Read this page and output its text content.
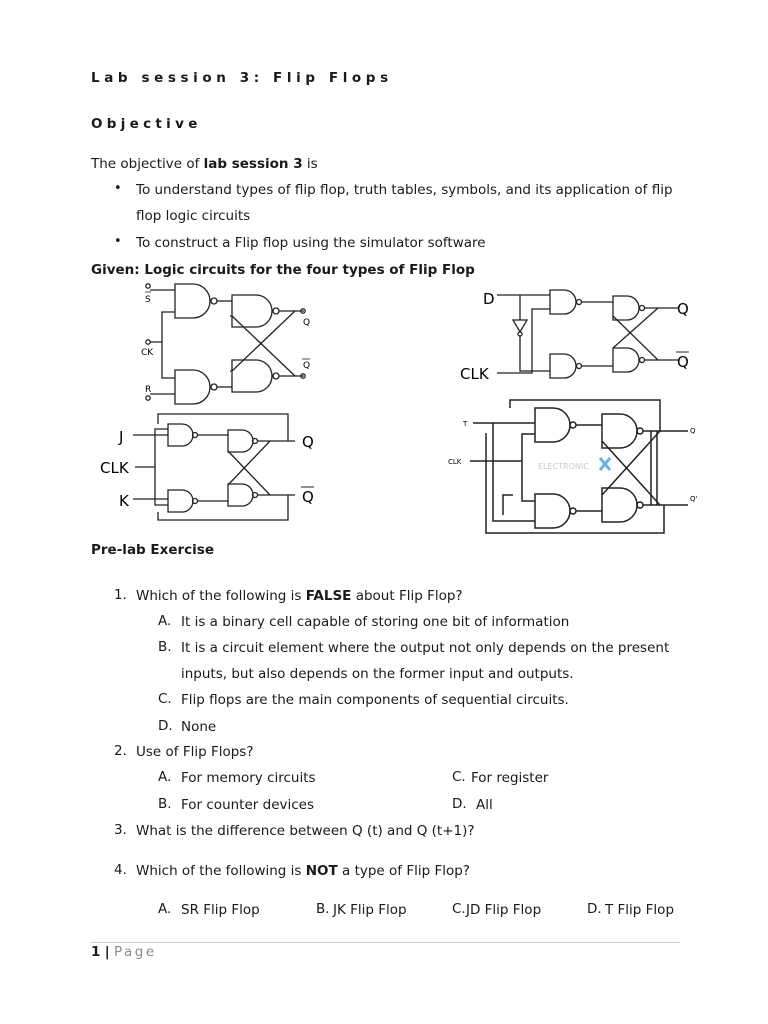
Lab session 3: Flip Flops
Objective
The objective of lab session 3 is
• To understand types of flip flop, truth tables, symbols, and its application of flip
flop logic circuits
• To construct a Flip flop using the simulator software
Given: Logic circuits for the four types of Flip Flop
S
CK
R
Q
Q
D
CLK
Q
Q
J
CLK
K
Q
Q
ELECTRONIC
T
CLK
Q
Q'
Pre-lab Exercise
1. Which of the following is FALSE about Flip Flop?
A. It is a binary cell capable of storing one bit of information
B. It is a circuit element where the output not only depends on the present
inputs, but also depends on the former input and outputs.
C. Flip flops are the main components of sequential circuits.
D. None
2. Use of Flip Flops?
A. For memory circuits	C. For register
B. For counter devices	D. All
3. What is the difference between Q (t) and Q (t+1)?
4. Which of the following is NOT a type of Flip Flop?
A. SR Flip Flop	B. JK Flip Flop	C. JD Flip Flop	D. T Flip Flop
1 | Page
